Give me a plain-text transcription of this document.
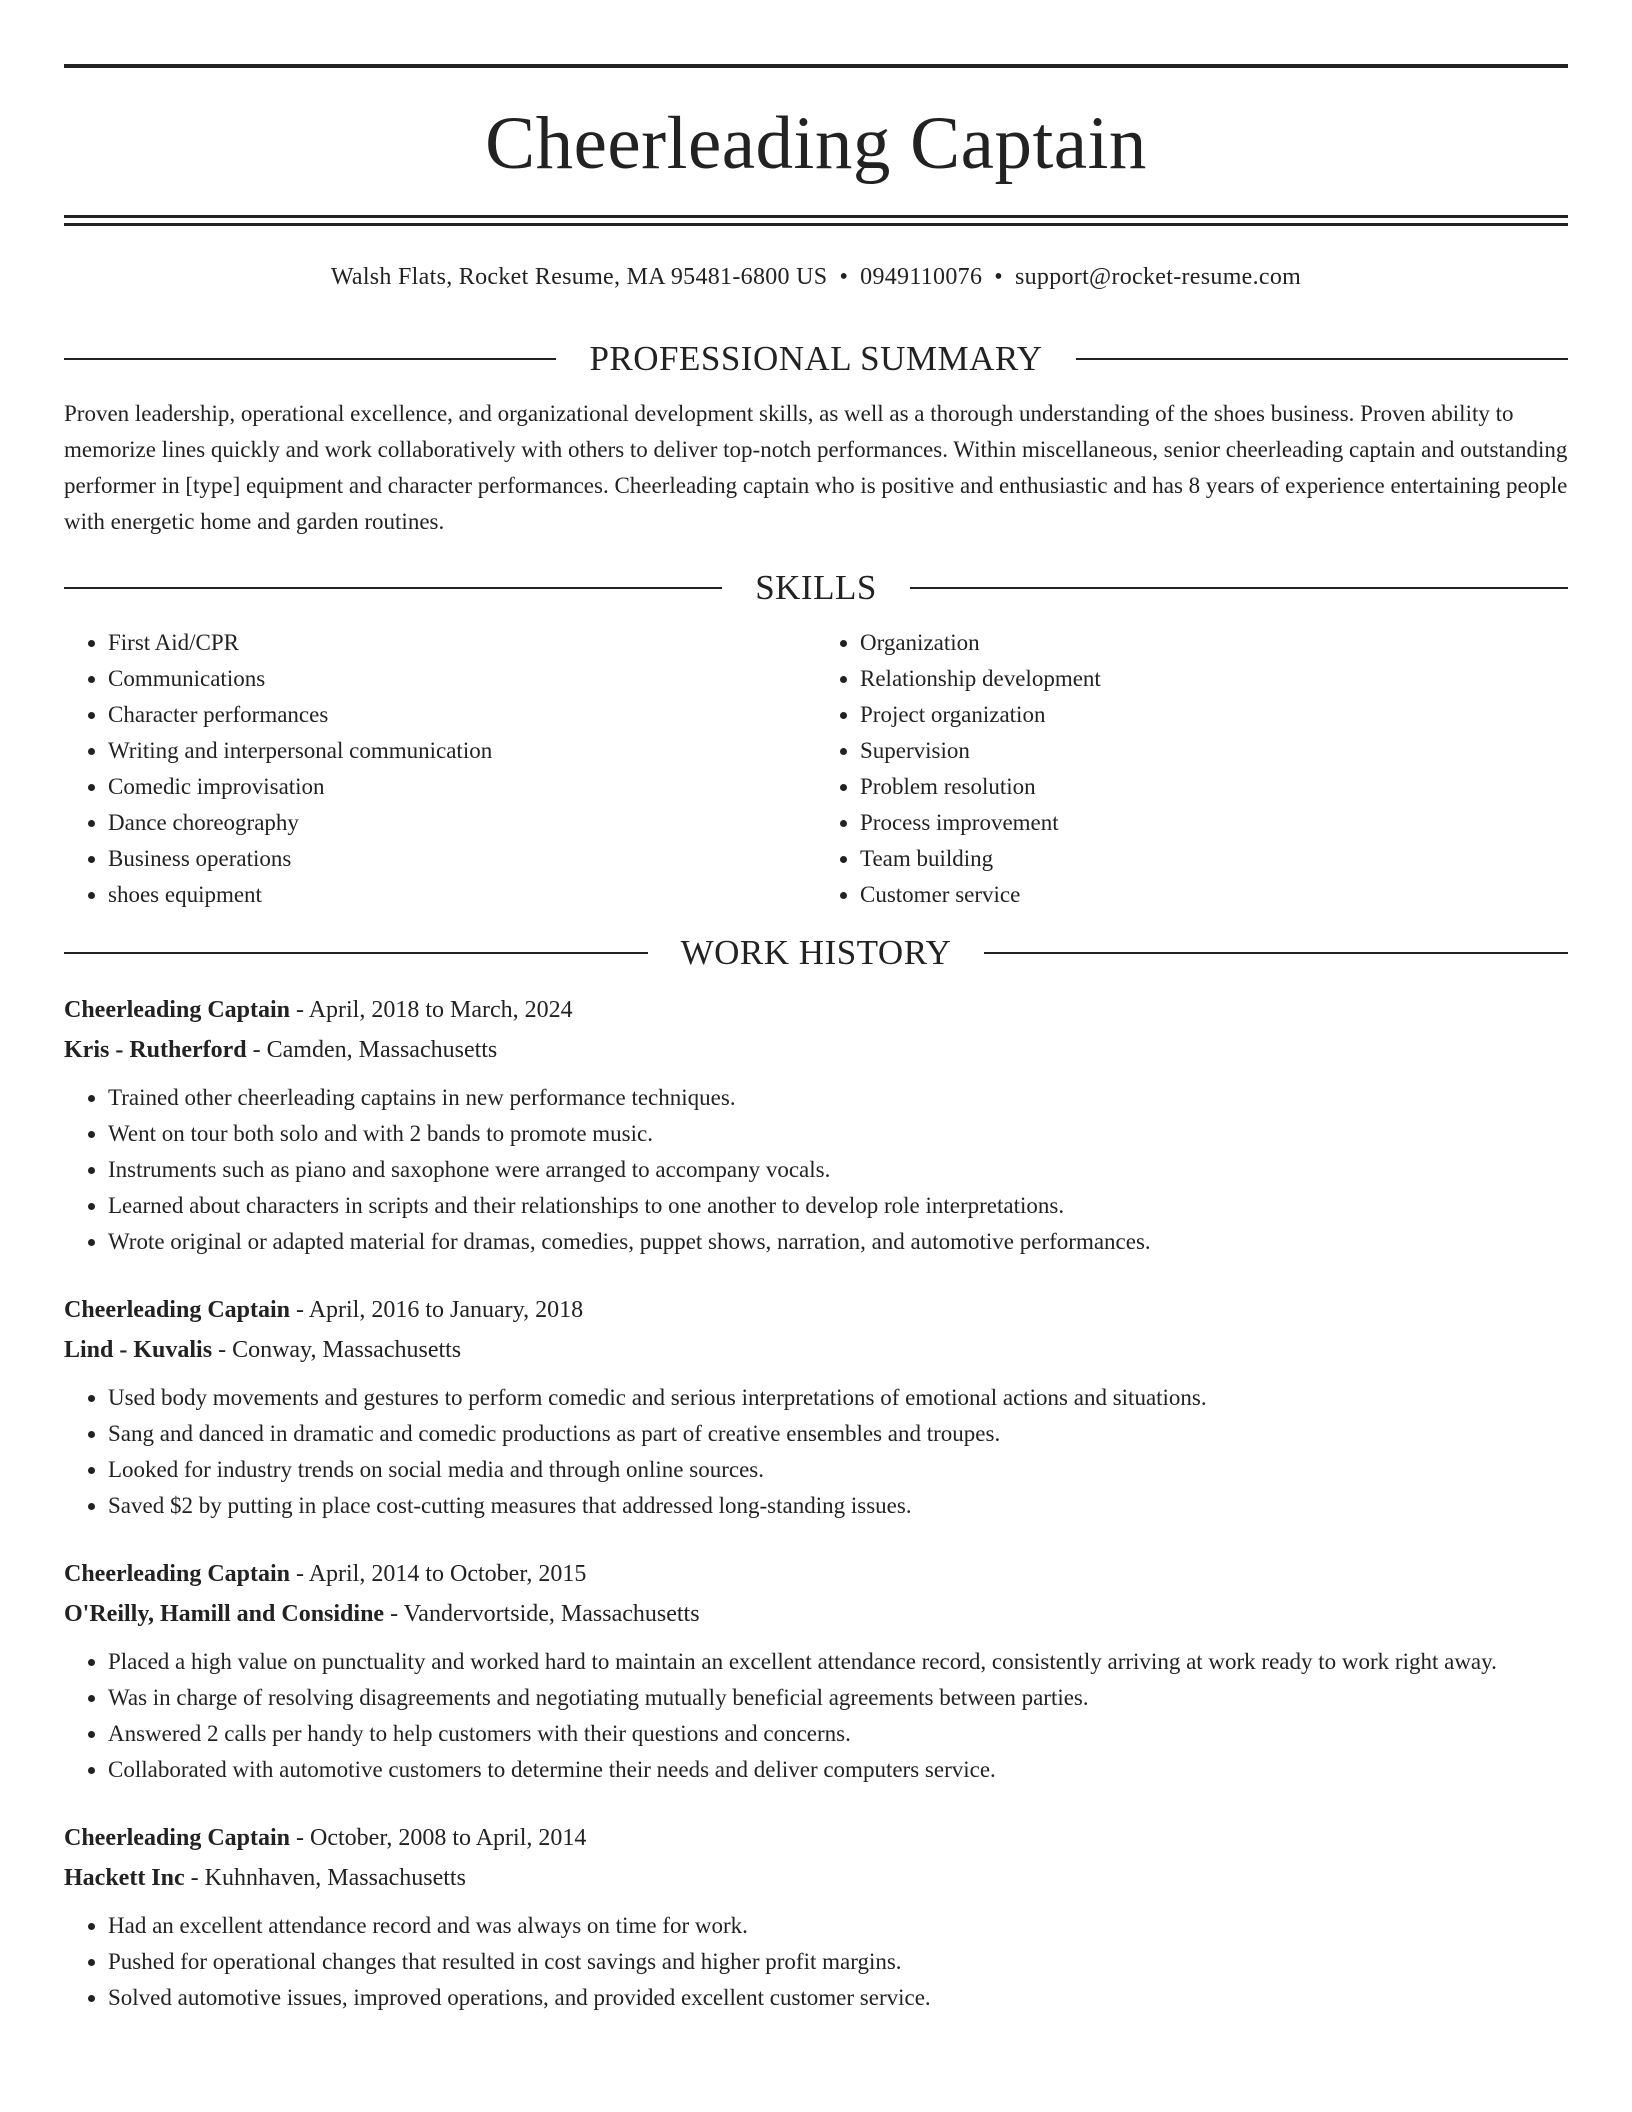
Cheerleading Captain
Walsh Flats, Rocket Resume, MA 95481-6800 US • 0949110076 • support@rocket-resume.com
PROFESSIONAL SUMMARY

Proven leadership, operational excellence, and organizational development skills, as well as a thorough understanding of the shoes business. Proven ability to memorize lines quickly and work collaboratively with others to deliver top-notch performances. Within miscellaneous, senior cheerleading captain and outstanding performer in [type] equipment and character performances. Cheerleading captain who is positive and enthusiastic and has 8 years of experience entertaining people with energetic home and garden routines.

SKILLS
• First Aid/CPR
• Communications
• Character performances
• Writing and interpersonal communication
• Comedic improvisation
• Dance choreography
• Business operations
• shoes equipment
• Organization
• Relationship development
• Project organization
• Supervision
• Problem resolution
• Process improvement
• Team building
• Customer service
WORK HISTORY
Cheerleading Captain - April, 2018 to March, 2024
Kris - Rutherford - Camden, Massachusetts
• Trained other cheerleading captains in new performance techniques.
• Went on tour both solo and with 2 bands to promote music.
• Instruments such as piano and saxophone were arranged to accompany vocals.
• Learned about characters in scripts and their relationships to one another to develop role interpretations.
• Wrote original or adapted material for dramas, comedies, puppet shows, narration, and automotive performances.
Cheerleading Captain - April, 2016 to January, 2018
Lind - Kuvalis - Conway, Massachusetts
• Used body movements and gestures to perform comedic and serious interpretations of emotional actions and situations.
• Sang and danced in dramatic and comedic productions as part of creative ensembles and troupes.
• Looked for industry trends on social media and through online sources.
• Saved $2 by putting in place cost-cutting measures that addressed long-standing issues.
Cheerleading Captain - April, 2014 to October, 2015
O'Reilly, Hamill and Considine - Vandervortside, Massachusetts
• Placed a high value on punctuality and worked hard to maintain an excellent attendance record, consistently arriving at work ready to work right away.
• Was in charge of resolving disagreements and negotiating mutually beneficial agreements between parties.
• Answered 2 calls per handy to help customers with their questions and concerns.
• Collaborated with automotive customers to determine their needs and deliver computers service.
Cheerleading Captain - October, 2008 to April, 2014
Hackett Inc - Kuhnhaven, Massachusetts
• Had an excellent attendance record and was always on time for work.
• Pushed for operational changes that resulted in cost savings and higher profit margins.
• Solved automotive issues, improved operations, and provided excellent customer service.
